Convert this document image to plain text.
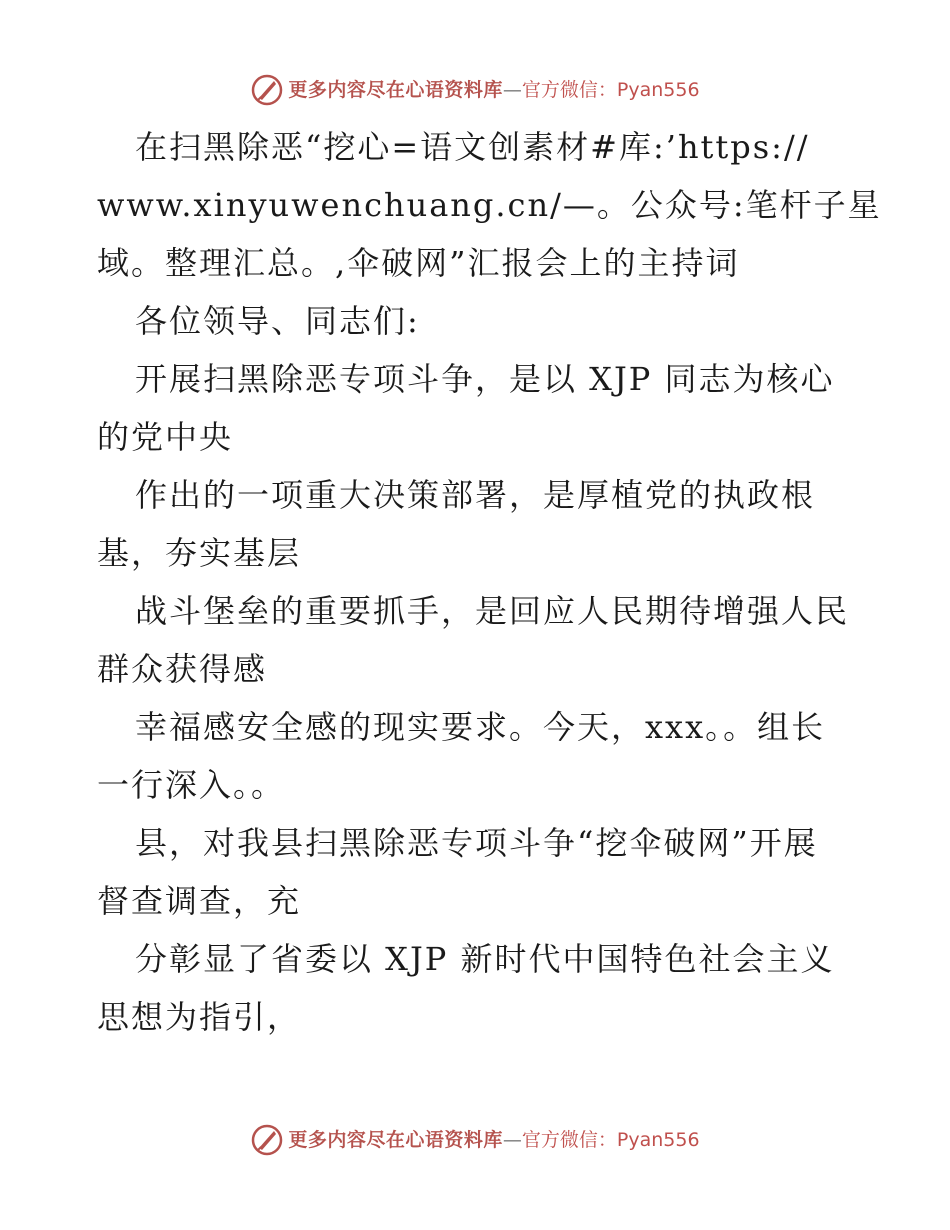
更多内容尽在心语资料库 — 官方微信：Pyan556
在扫黑除恶“挖心=语文创素材#库:’https://
www.xinyuwenchuang.cn/—。公众号:笔杆子星
域。整理汇总。,伞破网”汇报会上的主持词
各位领导、同志们:
开展扫黑除恶专项斗争，是以 XJP 同志为核心
的党中央
作出的一项重大决策部署，是厚植党的执政根
基，夯实基层
战斗堡垒的重要抓手，是回应人民期待增强人民
群众获得感
幸福感安全感的现实要求。今天，xxx。。组长
一行深入。。
县，对我县扫黑除恶专项斗争“挖伞破网”开展
督查调查，充
分彰显了省委以 XJP 新时代中国特色社会主义
思想为指引，
更多内容尽在心语资料库 — 官方微信：Pyan556
